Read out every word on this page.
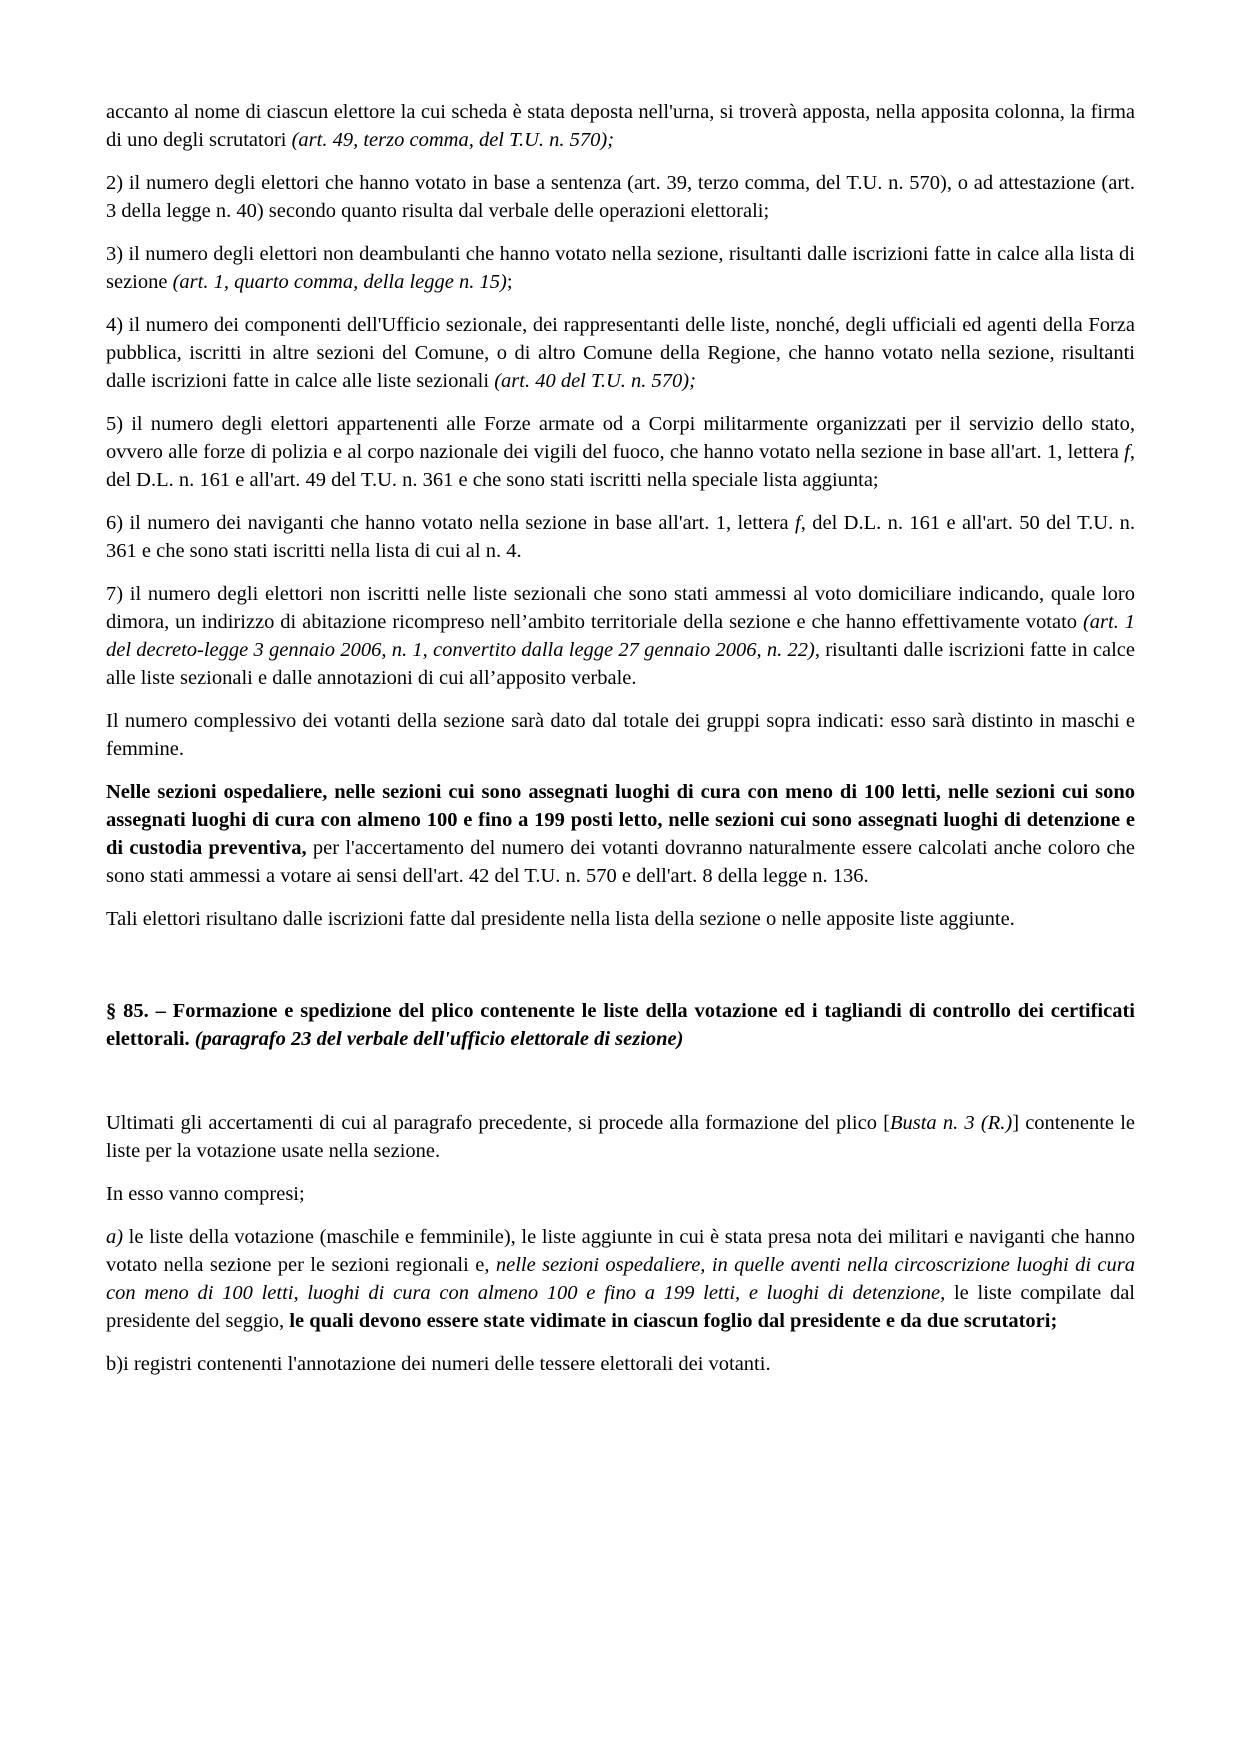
accanto al nome di ciascun elettore la cui scheda è stata deposta nell'urna, si troverà apposta, nella apposita colonna, la firma di uno degli scrutatori (art. 49, terzo comma, del T.U. n. 570);

2) il numero degli elettori che hanno votato in base a sentenza (art. 39, terzo comma, del T.U. n. 570), o ad attestazione (art. 3 della legge n. 40) secondo quanto risulta dal verbale delle operazioni elettorali;

3) il numero degli elettori non deambulanti che hanno votato nella sezione, risultanti dalle iscrizioni fatte in calce alla lista di sezione (art. 1, quarto comma, della legge n. 15);

4) il numero dei componenti dell'Ufficio sezionale, dei rappresentanti delle liste, nonché, degli ufficiali ed agenti della Forza pubblica, iscritti in altre sezioni del Comune, o di altro Comune della Regione, che hanno votato nella sezione, risultanti dalle iscrizioni fatte in calce alle liste sezionali (art. 40 del T.U. n. 570);

5) il numero degli elettori appartenenti alle Forze armate od a Corpi militarmente organizzati per il servizio dello stato, ovvero alle forze di polizia e al corpo nazionale dei vigili del fuoco, che hanno votato nella sezione in base all'art. 1, lettera f, del D.L. n. 161 e all'art. 49 del T.U. n. 361 e che sono stati iscritti nella speciale lista aggiunta;

6) il numero dei naviganti che hanno votato nella sezione in base all'art. 1, lettera f, del D.L. n. 161 e all'art. 50 del T.U. n. 361 e che sono stati iscritti nella lista di cui al n. 4.

7) il numero degli elettori non iscritti nelle liste sezionali che sono stati ammessi al voto domiciliare indicando, quale loro dimora, un indirizzo di abitazione ricompreso nell’ambito territoriale della sezione e che hanno effettivamente votato (art. 1 del decreto-legge 3 gennaio 2006, n. 1, convertito dalla legge 27 gennaio 2006, n. 22), risultanti dalle iscrizioni fatte in calce alle liste sezionali e dalle annotazioni di cui all’apposito verbale.

Il numero complessivo dei votanti della sezione sarà dato dal totale dei gruppi sopra indicati: esso sarà distinto in maschi e femmine.

Nelle sezioni ospedaliere, nelle sezioni cui sono assegnati luoghi di cura con meno di 100 letti, nelle sezioni cui sono assegnati luoghi di cura con almeno 100 e fino a 199 posti letto, nelle sezioni cui sono assegnati luoghi di detenzione e di custodia preventiva, per l'accertamento del numero dei votanti dovranno naturalmente essere calcolati anche coloro che sono stati ammessi a votare ai sensi dell'art. 42 del T.U. n. 570 e dell'art. 8 della legge n. 136.

Tali elettori risultano dalle iscrizioni fatte dal presidente nella lista della sezione o nelle apposite liste aggiunte.

§ 85. – Formazione e spedizione del plico contenente le liste della votazione ed i tagliandi di controllo dei certificati elettorali. (paragrafo 23 del verbale dell'ufficio elettorale di sezione)

Ultimati gli accertamenti di cui al paragrafo precedente, si procede alla formazione del plico [Busta n. 3 (R.)] contenente le liste per la votazione usate nella sezione.

In esso vanno compresi;

a) le liste della votazione (maschile e femminile), le liste aggiunte in cui è stata presa nota dei militari e naviganti che hanno votato nella sezione per le sezioni regionali e, nelle sezioni ospedaliere, in quelle aventi nella circoscrizione luoghi di cura con meno di 100 letti, luoghi di cura con almeno 100 e fino a 199 letti, e luoghi di detenzione, le liste compilate dal presidente del seggio, le quali devono essere state vidimate in ciascun foglio dal presidente e da due scrutatori;

b)i registri contenenti l'annotazione dei numeri delle tessere elettorali dei votanti.
